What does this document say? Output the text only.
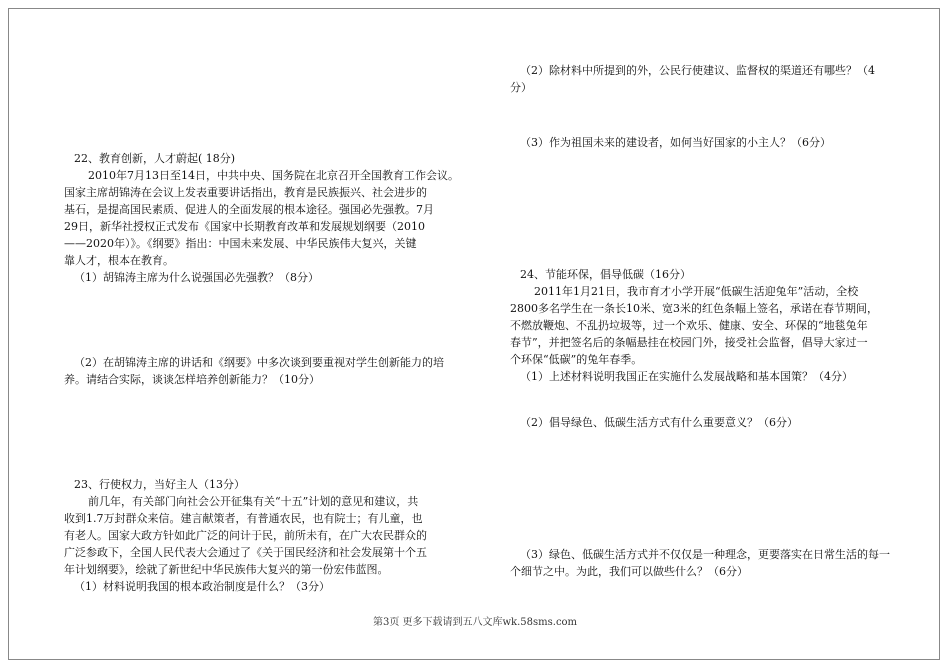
22、教育创新，人才蔚起( 18分)
2010年7月13日至14日，中共中央、国务院在北京召开全国教育工作会议。
国家主席胡锦涛在会议上发表重要讲话指出，教育是民族振兴、社会进步的
基石，是提高国民素质、促进人的全面发展的根本途径。强国必先强教。7月
29日，新华社授权正式发布《国家中长期教育改革和发展规划纲要（2010
——2020年）》。《纲要》指出：中国未来发展、中华民族伟大复兴，关键
靠人才，根本在教育。
（1）胡锦涛主席为什么说强国必先强教？（8分）
（2）在胡锦涛主席的讲话和《纲要》中多次谈到要重视对学生创新能力的培
养。请结合实际，谈谈怎样培养创新能力？（10分）
23、行使权力，当好主人（13分）
前几年，有关部门向社会公开征集有关“十五”计划的意见和建议，共
收到1.7万封群众来信。建言献策者，有普通农民，也有院士；有儿童，也
有老人。国家大政方针如此广泛的问计于民，前所未有，在广大农民群众的
广泛参政下，全国人民代表大会通过了《关于国民经济和社会发展第十个五
年计划纲要》，绘就了新世纪中华民族伟大复兴的第一份宏伟蓝图。
（1）材料说明我国的根本政治制度是什么？（3分）
（2）除材料中所提到的外，公民行使建议、监督权的渠道还有哪些？（4
分）
（3）作为祖国未来的建设者，如何当好国家的小主人？（6分）
24、节能环保，倡导低碳（16分）
2011年1月21日，我市育才小学开展“低碳生活迎兔年”活动，全校
2800多名学生在一条长10米、宽3米的红色条幅上签名，承诺在春节期间，
不燃放鞭炮、不乱扔垃圾等，过一个欢乐、健康、安全、环保的“地毯兔年
春节”，并把签名后的条幅悬挂在校园门外，接受社会监督，倡导大家过一
个环保“低碳”的兔年春季。
（1）上述材料说明我国正在实施什么发展战略和基本国策？（4分）
（2）倡导绿色、低碳生活方式有什么重要意义？（6分）
（3）绿色、低碳生活方式并不仅仅是一种理念，更要落实在日常生活的每一
个细节之中。为此，我们可以做些什么？（6分）
第3页 更多下载请到五八文库wk.58sms.com
